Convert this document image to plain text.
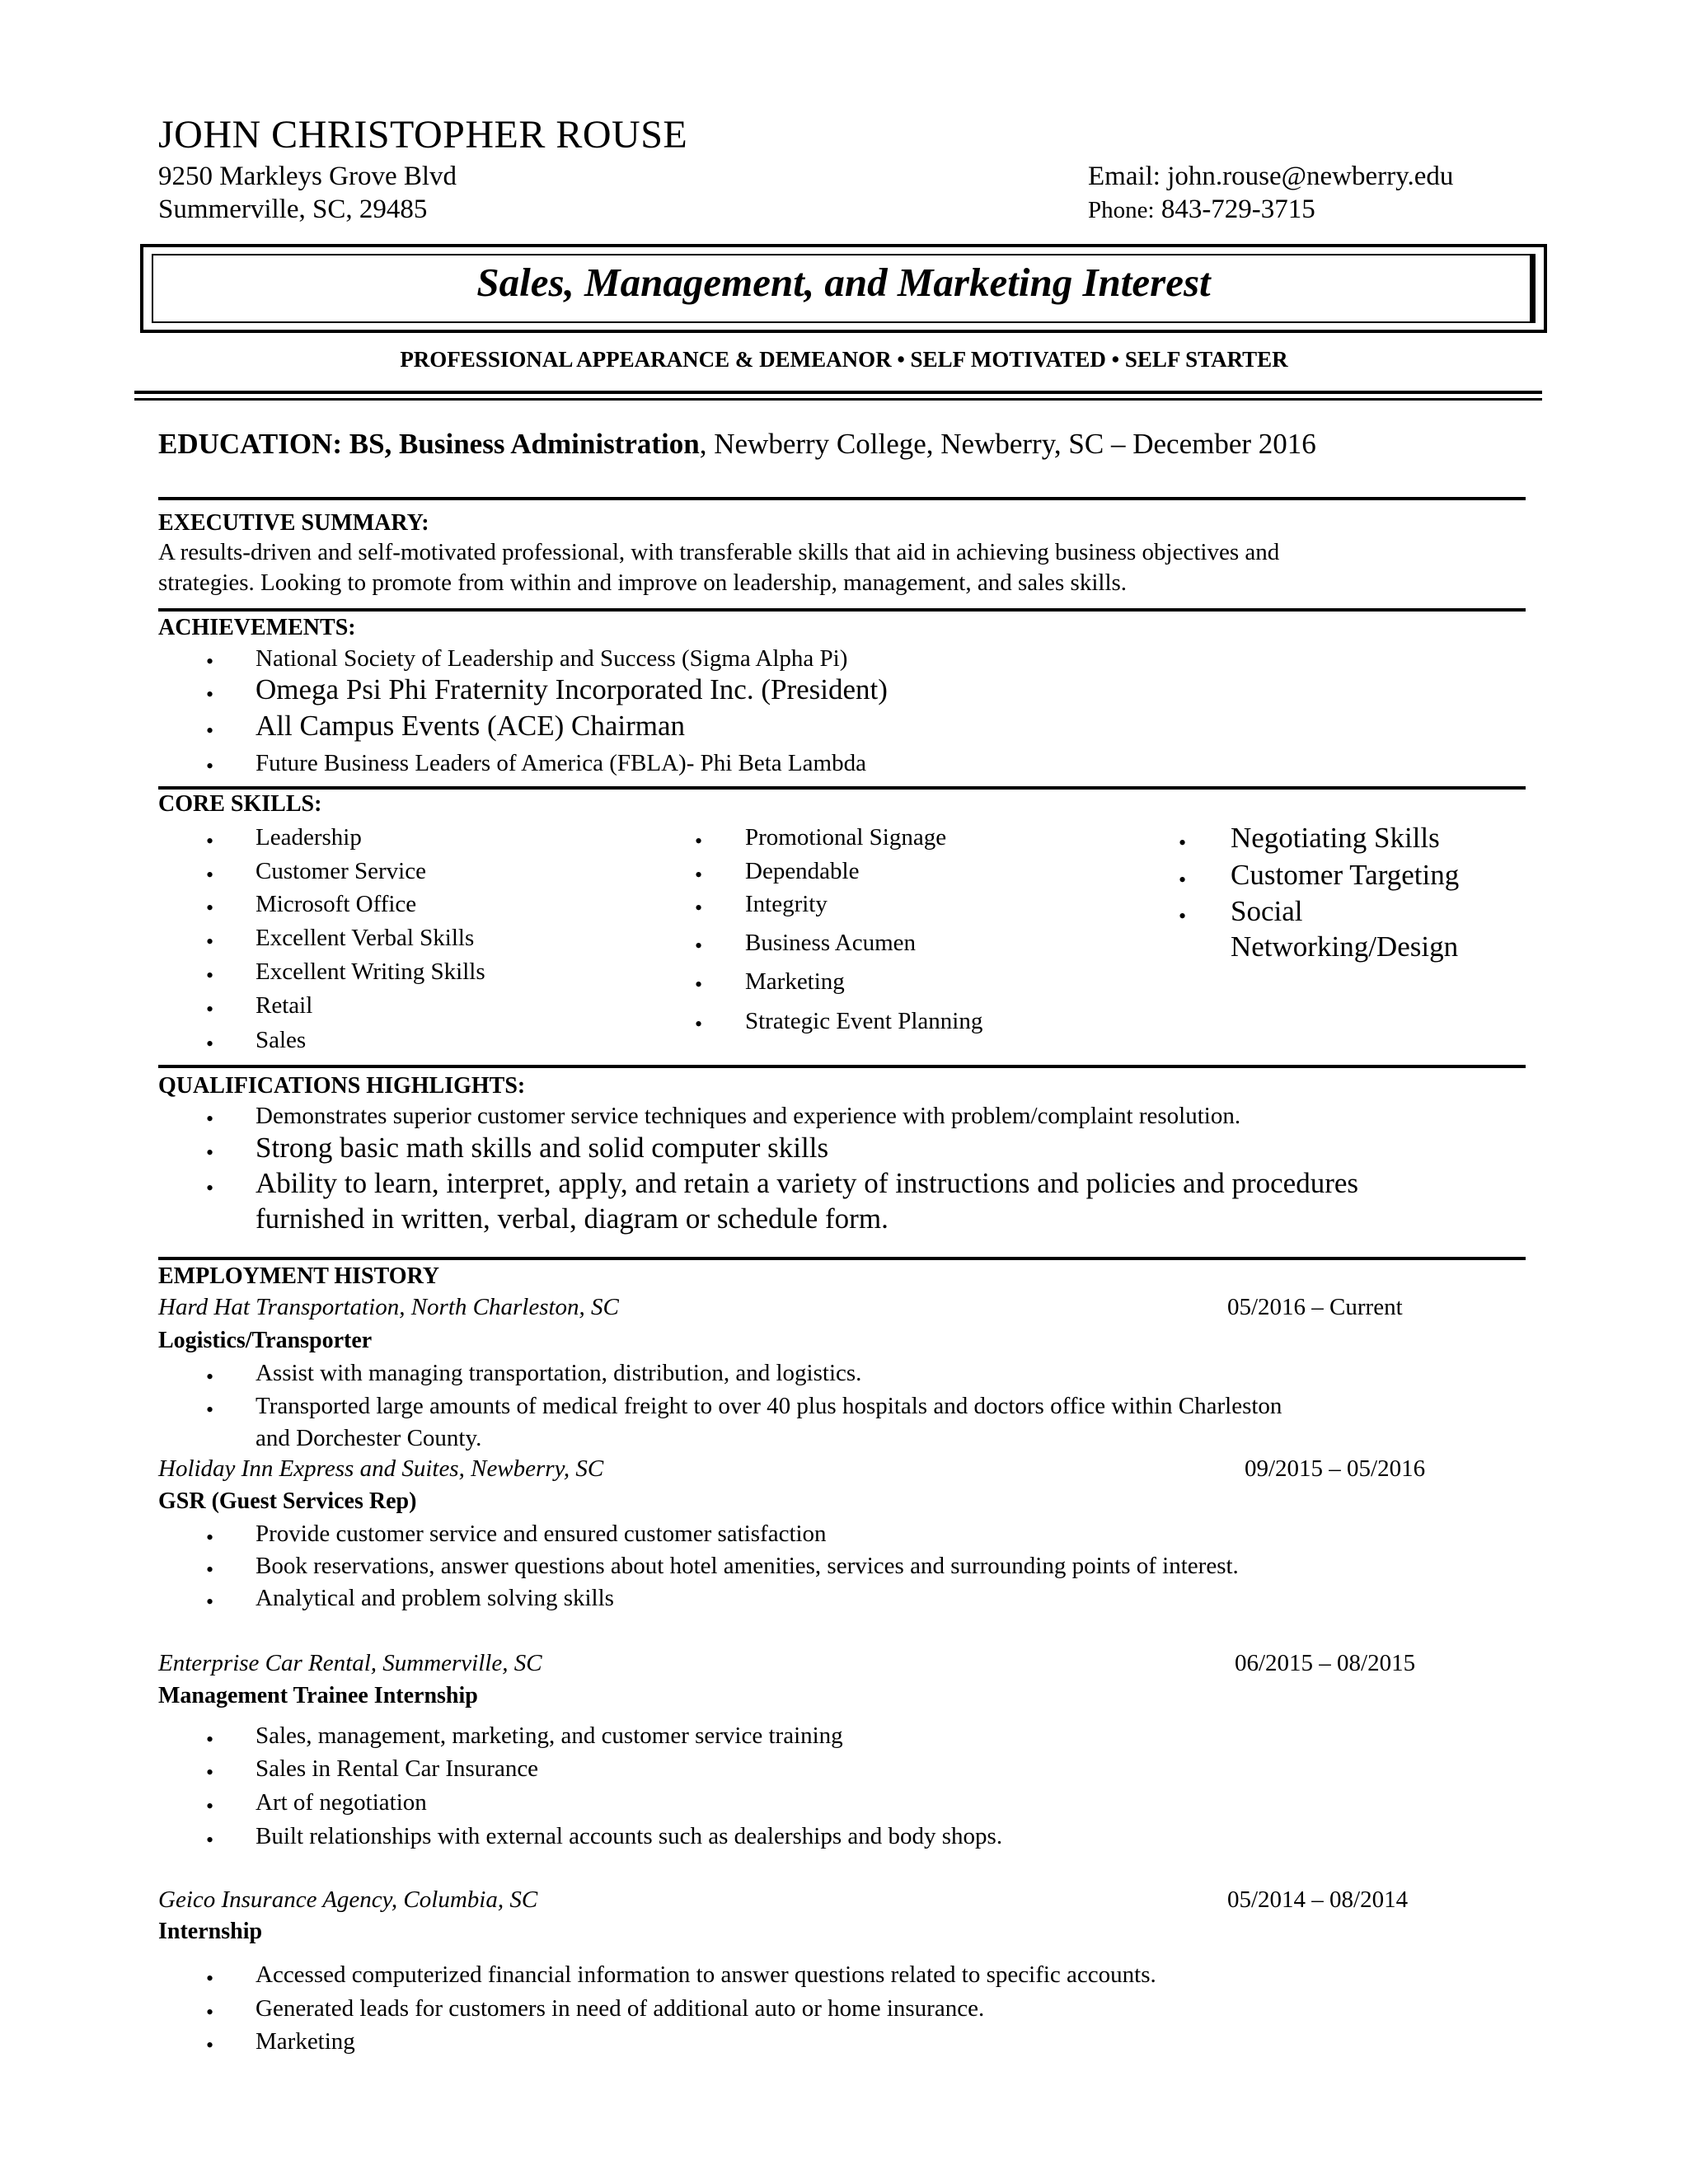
JOHN CHRISTOPHER ROUSE
9250 Markleys Grove Blvd
Summerville, SC, 29485
Email: john.rouse@newberry.edu
Phone: 843-729-3715
Sales, Management, and Marketing Interest
PROFESSIONAL APPEARANCE & DEMEANOR • SELF MOTIVATED • SELF STARTER
EDUCATION: BS, Business Administration, Newberry College, Newberry, SC – December 2016
EXECUTIVE SUMMARY:
A results-driven and self-motivated professional, with transferable skills that aid in achieving business objectives and
strategies. Looking to promote from within and improve on leadership, management, and sales skills.
ACHIEVEMENTS:
• National Society of Leadership and Success (Sigma Alpha Pi)
• Omega Psi Phi Fraternity Incorporated Inc. (President)
• All Campus Events (ACE) Chairman
• Future Business Leaders of America (FBLA)- Phi Beta Lambda
CORE SKILLS:
• Leadership
• Customer Service
• Microsoft Office
• Excellent Verbal Skills
• Excellent Writing Skills
• Retail
• Sales
• Promotional Signage
• Dependable
• Integrity
• Business Acumen
• Marketing
• Strategic Event Planning
• Negotiating Skills
• Customer Targeting
• Social
Networking/Design
QUALIFICATIONS HIGHLIGHTS:
• Demonstrates superior customer service techniques and experience with problem/complaint resolution.
• Strong basic math skills and solid computer skills
• Ability to learn, interpret, apply, and retain a variety of instructions and policies and procedures
furnished in written, verbal, diagram or schedule form.
EMPLOYMENT HISTORY
Hard Hat Transportation, North Charleston, SC	05/2016 – Current
Logistics/Transporter
• Assist with managing transportation, distribution, and logistics.
• Transported large amounts of medical freight to over 40 plus hospitals and doctors office within Charleston
and Dorchester County.
Holiday Inn Express and Suites, Newberry, SC	09/2015 – 05/2016
GSR (Guest Services Rep)
• Provide customer service and ensured customer satisfaction
• Book reservations, answer questions about hotel amenities, services and surrounding points of interest.
• Analytical and problem solving skills
Enterprise Car Rental, Summerville, SC	06/2015 – 08/2015
Management Trainee Internship
• Sales, management, marketing, and customer service training
• Sales in Rental Car Insurance
• Art of negotiation
• Built relationships with external accounts such as dealerships and body shops.
Geico Insurance Agency, Columbia, SC	05/2014 – 08/2014
Internship
• Accessed computerized financial information to answer questions related to specific accounts.
• Generated leads for customers in need of additional auto or home insurance.
• Marketing
